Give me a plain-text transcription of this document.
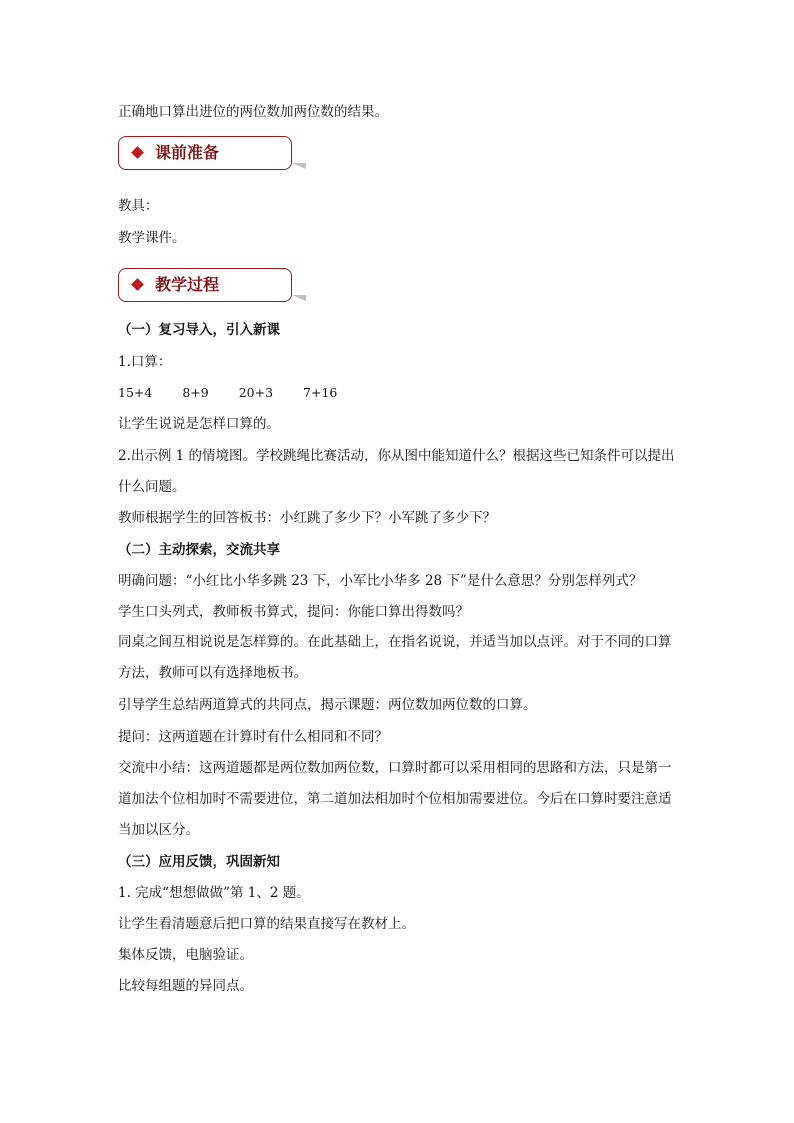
正确地口算出进位的两位数加两位数的结果。
课前准备
教具：
教学课件。
教学过程
（一）复习导入，引入新课
1.口算：
15+4 8+9 20+3 7+16
让学生说说是怎样口算的。
2.出示例 1 的情境图。学校跳绳比赛活动，你从图中能知道什么？根据这些已知条件可以提出什么问题。
教师根据学生的回答板书：小红跳了多少下？小军跳了多少下？
（二）主动探索，交流共享
明确问题：“小红比小华多跳 23 下，小军比小华多 28 下”是什么意思？分别怎样列式？
学生口头列式，教师板书算式，提问：你能口算出得数吗？
同桌之间互相说说是怎样算的。在此基础上，在指名说说，并适当加以点评。对于不同的口算方法，教师可以有选择地板书。
引导学生总结两道算式的共同点，揭示课题：两位数加两位数的口算。
提问：这两道题在计算时有什么相同和不同？
交流中小结：这两道题都是两位数加两位数，口算时都可以采用相同的思路和方法，只是第一道加法个位相加时不需要进位，第二道加法相加时个位相加需要进位。今后在口算时要注意适当加以区分。
（三）应用反馈，巩固新知
1. 完成“想想做做”第 1、2 题。
让学生看清题意后把口算的结果直接写在教材上。
集体反馈，电脑验证。
比较每组题的异同点。
